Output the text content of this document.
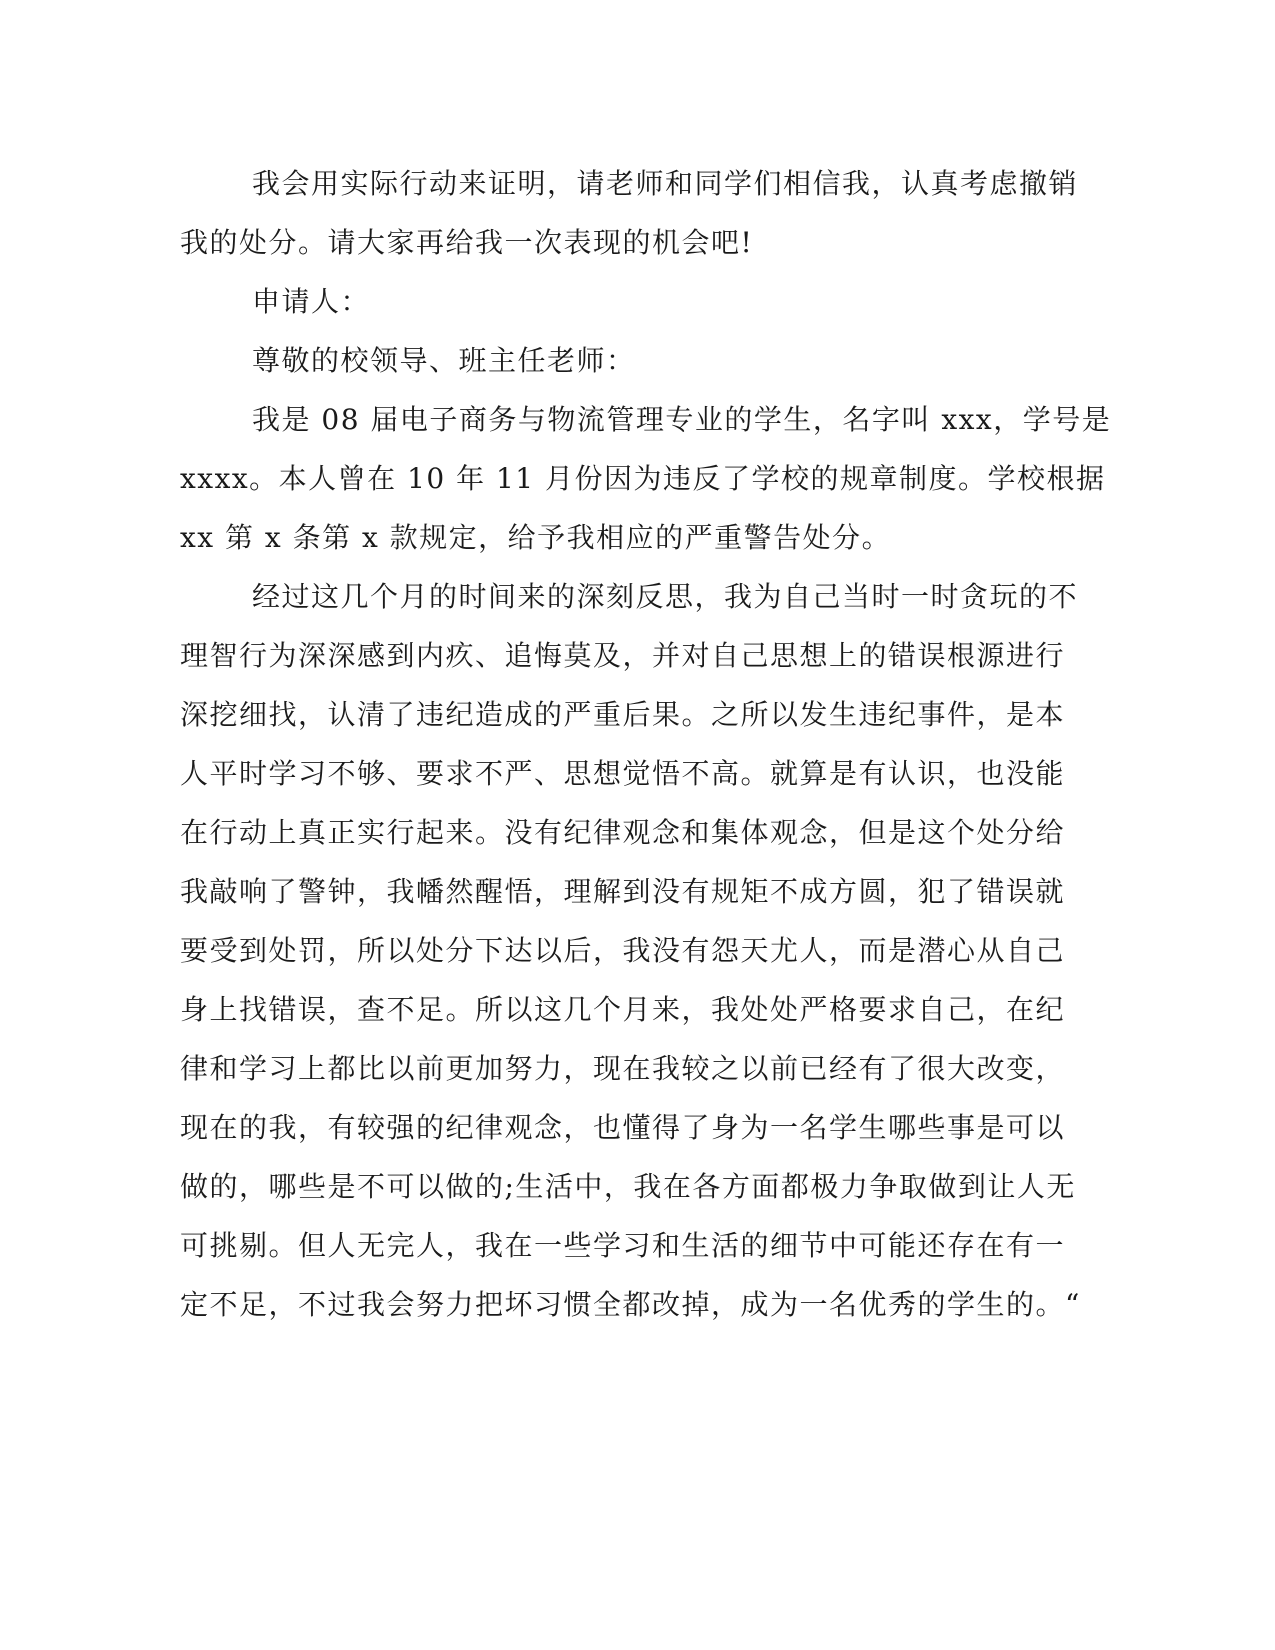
我会用实际行动来证明，请老师和同学们相信我，认真考虑撤销
我的处分。请大家再给我一次表现的机会吧!
申请人：
尊敬的校领导、班主任老师：
我是 08 届电子商务与物流管理专业的学生，名字叫 xxx，学号是
xxxx。本人曾在 10 年 11 月份因为违反了学校的规章制度。学校根据
xx 第 x 条第 x 款规定，给予我相应的严重警告处分。
经过这几个月的时间来的深刻反思，我为自己当时一时贪玩的不
理智行为深深感到内疚、追悔莫及，并对自己思想上的错误根源进行
深挖细找，认清了违纪造成的严重后果。之所以发生违纪事件，是本
人平时学习不够、要求不严、思想觉悟不高。就算是有认识，也没能
在行动上真正实行起来。没有纪律观念和集体观念，但是这个处分给
我敲响了警钟，我幡然醒悟，理解到没有规矩不成方圆，犯了错误就
要受到处罚，所以处分下达以后，我没有怨天尤人，而是潜心从自己
身上找错误，查不足。所以这几个月来，我处处严格要求自己，在纪
律和学习上都比以前更加努力，现在我较之以前已经有了很大改变，
现在的我，有较强的纪律观念，也懂得了身为一名学生哪些事是可以
做的，哪些是不可以做的;生活中，我在各方面都极力争取做到让人无
可挑剔。但人无完人，我在一些学习和生活的细节中可能还存在有一
定不足，不过我会努力把坏习惯全都改掉，成为一名优秀的学生的。“
